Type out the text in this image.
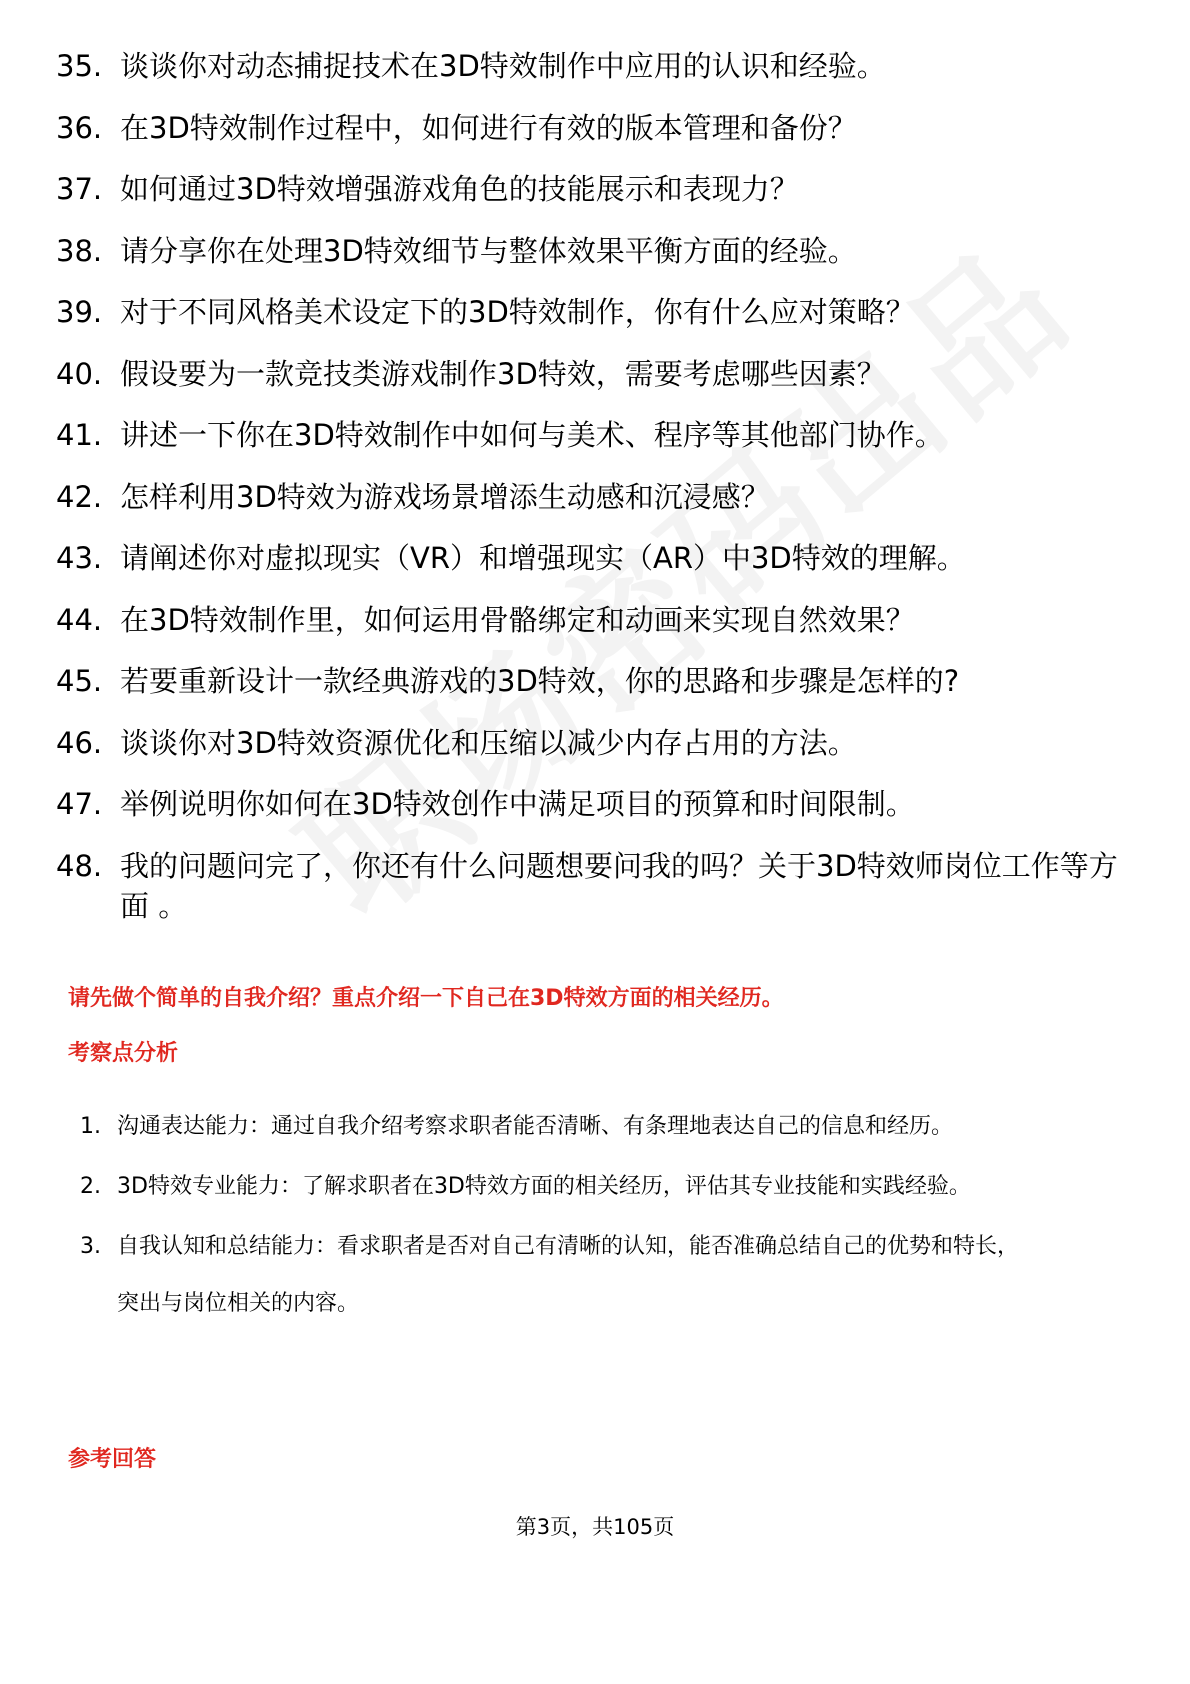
35. 谈谈你对动态捕捉技术在3D特效制作中应用的认识和经验。
36. 在3D特效制作过程中，如何进行有效的版本管理和备份？
37. 如何通过3D特效增强游戏角色的技能展示和表现力？
38. 请分享你在处理3D特效细节与整体效果平衡方面的经验。
39. 对于不同风格美术设定下的3D特效制作，你有什么应对策略？
40. 假设要为一款竞技类游戏制作3D特效，需要考虑哪些因素？
41. 讲述一下你在3D特效制作中如何与美术、程序等其他部门协作。
42. 怎样利用3D特效为游戏场景增添生动感和沉浸感？
43. 请阐述你对虚拟现实（VR）和增强现实（AR）中3D特效的理解。
44. 在3D特效制作里，如何运用骨骼绑定和动画来实现自然效果？
45. 若要重新设计一款经典游戏的3D特效，你的思路和步骤是怎样的?
46. 谈谈你对3D特效资源优化和压缩以减少内存占用的方法。
47. 举例说明你如何在3D特效创作中满足项目的预算和时间限制。
48. 我的问题问完了，你还有什么问题想要问我的吗？关于3D特效师岗位工作等方面 。

请先做个简单的自我介绍？重点介绍一下自己在3D特效方面的相关经历。

考察点分析
1. 沟通表达能力：通过自我介绍考察求职者能否清晰、有条理地表达自己的信息和经历。
2. 3D特效专业能力：了解求职者在3D特效方面的相关经历，评估其专业技能和实践经验。
3. 自我认知和总结能力：看求职者是否对自己有清晰的认知，能否准确总结自己的优势和特长，突出与岗位相关的内容。
参考回答
第3页，共105页
